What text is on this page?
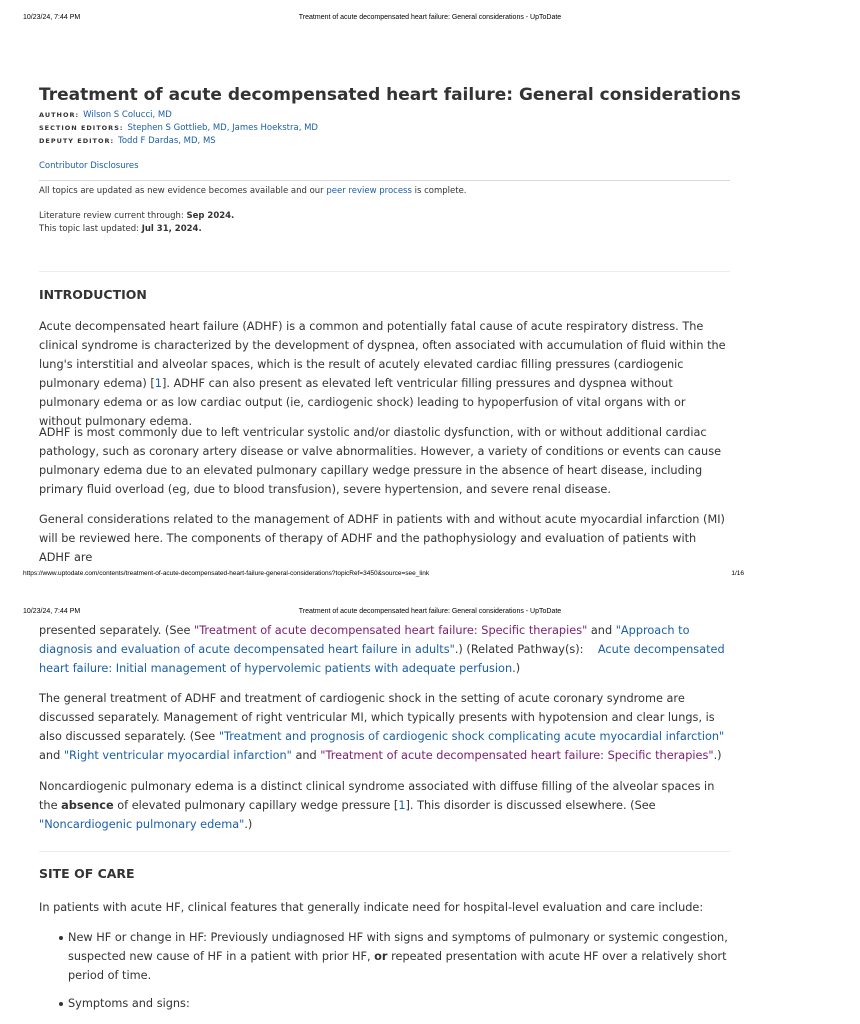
10/23/24, 7:44 PM	Treatment of acute decompensated heart failure: General considerations - UpToDate
Treatment of acute decompensated heart failure: General considerations
AUTHOR: Wilson S Colucci, MD
SECTION EDITORS: Stephen S Gottlieb, MD, James Hoekstra, MD
DEPUTY EDITOR: Todd F Dardas, MD, MS
Contributor Disclosures
All topics are updated as new evidence becomes available and our peer review process is complete.
Literature review current through: Sep 2024.
This topic last updated: Jul 31, 2024.
INTRODUCTION

Acute decompensated heart failure (ADHF) is a common and potentially fatal cause of acute respiratory distress. The clinical syndrome is characterized by the development of dyspnea, often associated with accumulation of fluid within the lung's interstitial and alveolar spaces, which is the result of acutely elevated cardiac filling pressures (cardiogenic pulmonary edema) [1]. ADHF can also present as elevated left ventricular filling pressures and dyspnea without pulmonary edema or as low cardiac output (ie, cardiogenic shock) leading to hypoperfusion of vital organs with or without pulmonary edema.

ADHF is most commonly due to left ventricular systolic and/or diastolic dysfunction, with or without additional cardiac pathology, such as coronary artery disease or valve abnormalities. However, a variety of conditions or events can cause pulmonary edema due to an elevated pulmonary capillary wedge pressure in the absence of heart disease, including primary fluid overload (eg, due to blood transfusion), severe hypertension, and severe renal disease.

General considerations related to the management of ADHF in patients with and without acute myocardial infarction (MI) will be reviewed here. The components of therapy of ADHF and the pathophysiology and evaluation of patients with ADHF are

https://www.uptodate.com/contents/treatment-of-acute-decompensated-heart-failure-general-considerations?topicRef=3450&source=see_link	1/16
10/23/24, 7:44 PM	Treatment of acute decompensated heart failure: General considerations - UpToDate

presented separately. (See "Treatment of acute decompensated heart failure: Specific therapies" and "Approach to diagnosis and evaluation of acute decompensated heart failure in adults".) (Related Pathway(s):    Acute decompensated heart failure: Initial management of hypervolemic patients with adequate perfusion.)

The general treatment of ADHF and treatment of cardiogenic shock in the setting of acute coronary syndrome are discussed separately. Management of right ventricular MI, which typically presents with hypotension and clear lungs, is also discussed separately. (See "Treatment and prognosis of cardiogenic shock complicating acute myocardial infarction" and "Right ventricular myocardial infarction" and "Treatment of acute decompensated heart failure: Specific therapies".)

Noncardiogenic pulmonary edema is a distinct clinical syndrome associated with diffuse filling of the alveolar spaces in the absence of elevated pulmonary capillary wedge pressure [1]. This disorder is discussed elsewhere. (See "Noncardiogenic pulmonary edema".)

SITE OF CARE

In patients with acute HF, clinical features that generally indicate need for hospital-level evaluation and care include:

New HF or change in HF: Previously undiagnosed HF with signs and symptoms of pulmonary or systemic congestion, suspected new cause of HF in a patient with prior HF, or repeated presentation with acute HF over a relatively short period of time.
Symptoms and signs:
